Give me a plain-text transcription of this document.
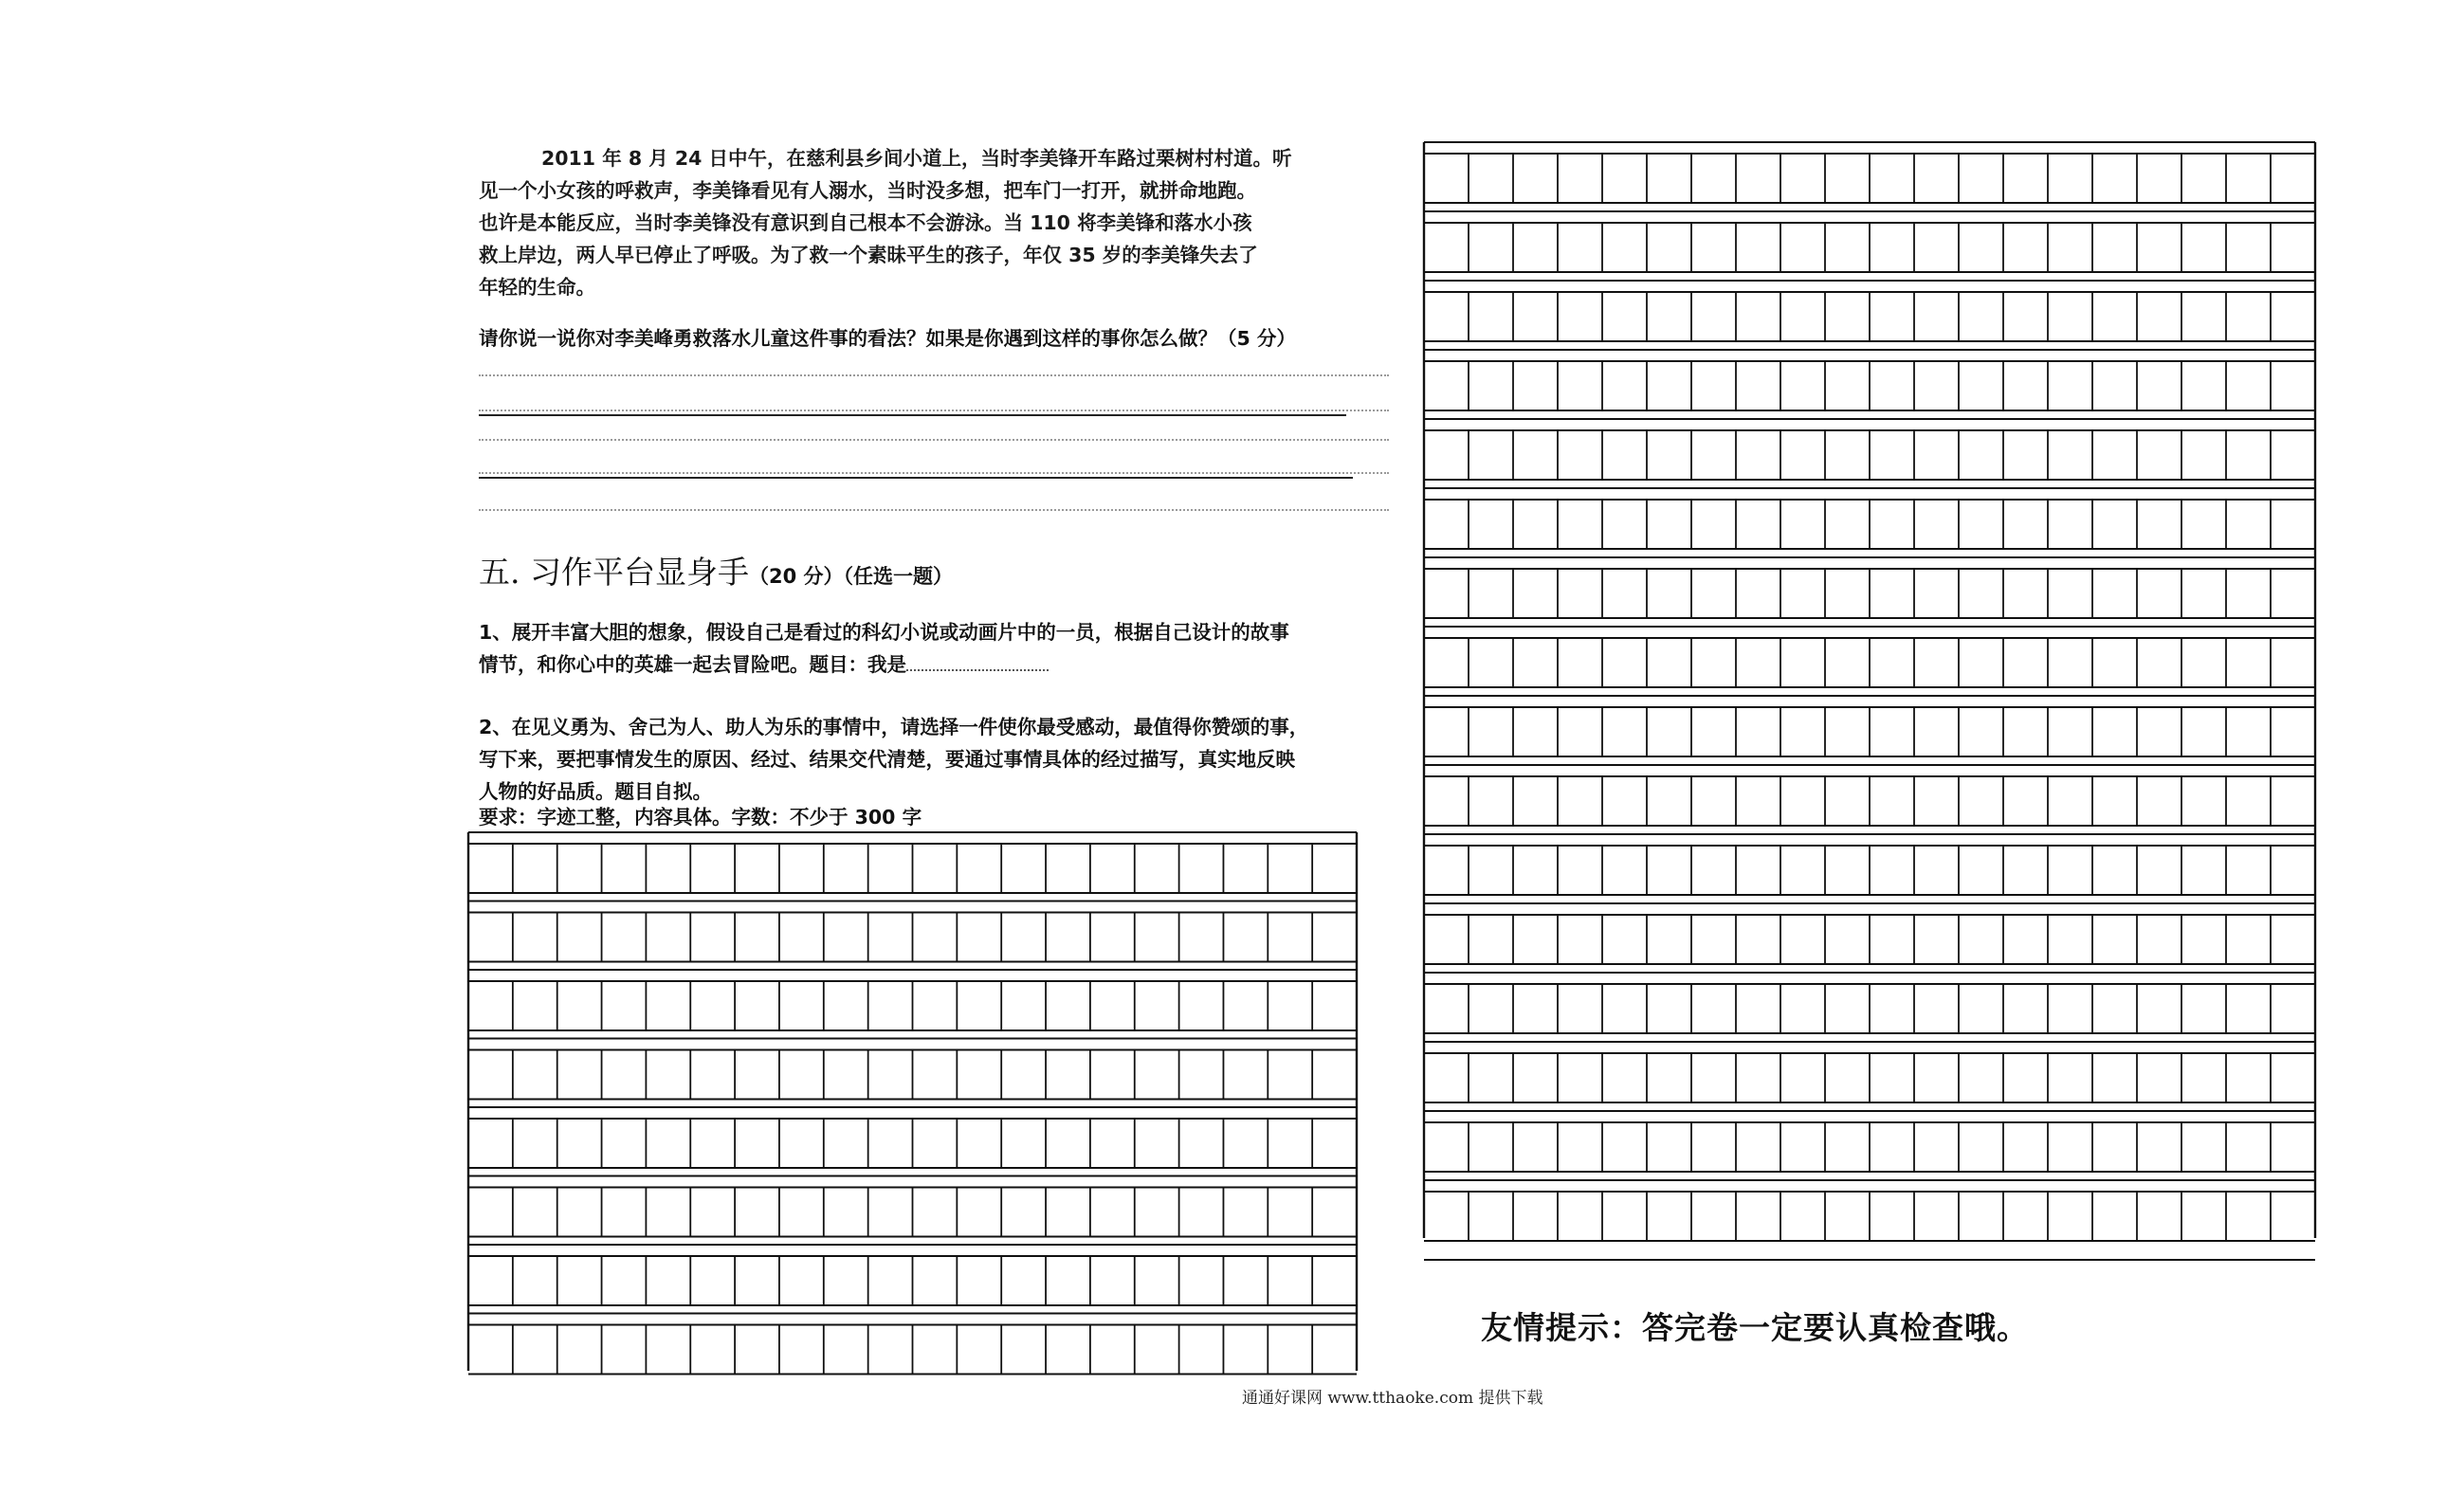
2011 年 8 月 24 日中午，在慈利县乡间小道上，当时李美锋开车路过栗树村村道。听

见一个小女孩的呼救声，李美锋看见有人溺水，当时没多想，把车门一打开，就拼命地跑。

也许是本能反应，当时李美锋没有意识到自己根本不会游泳。当 110 将李美锋和落水小孩

救上岸边，两人早已停止了呼吸。为了救一个素昧平生的孩子，年仅 35 岁的李美锋失去了

年轻的生命。

请你说一说你对李美峰勇救落水儿童这件事的看法？如果是你遇到这样的事你怎么做？（5 分）
五. 习作平台显身手（20 分）（任选一题）

1、展开丰富大胆的想象，假设自己是看过的科幻小说或动画片中的一员，根据自己设计的故事

情节，和你心中的英雄一起去冒险吧。题目：我是

2、在见义勇为、舍己为人、助人为乐的事情中，请选择一件使你最受感动，最值得你赞颂的事，

写下来，要把事情发生的原因、经过、结果交代清楚，要通过事情具体的经过描写，真实地反映

人物的好品质。题目自拟。

要求：字迹工整，内容具体。字数：不少于 300 字
友情提示：答完卷一定要认真检查哦。
通通好课网 www.tthaoke.com 提供下载
